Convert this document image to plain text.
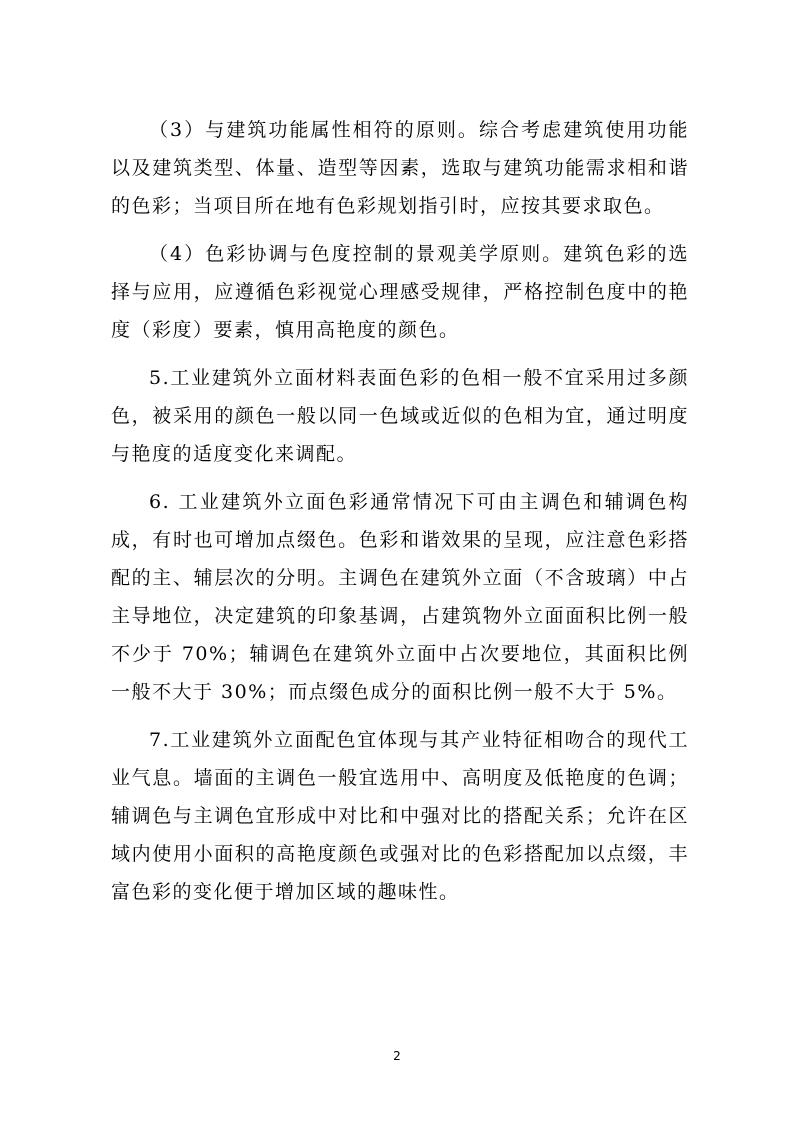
（3）与建筑功能属性相符的原则。综合考虑建筑使用功能以及建筑类型、体量、造型等因素，选取与建筑功能需求相和谐的色彩；当项目所在地有色彩规划指引时，应按其要求取色。

（4）色彩协调与色度控制的景观美学原则。建筑色彩的选择与应用，应遵循色彩视觉心理感受规律，严格控制色度中的艳度（彩度）要素，慎用高艳度的颜色。

5.工业建筑外立面材料表面色彩的色相一般不宜采用过多颜色，被采用的颜色一般以同一色域或近似的色相为宜，通过明度与艳度的适度变化来调配。

6. 工业建筑外立面色彩通常情况下可由主调色和辅调色构成，有时也可增加点缀色。色彩和谐效果的呈现，应注意色彩搭配的主、辅层次的分明。主调色在建筑外立面（不含玻璃）中占主导地位，决定建筑的印象基调，占建筑物外立面面积比例一般不少于 70%；辅调色在建筑外立面中占次要地位，其面积比例一般不大于 30%；而点缀色成分的面积比例一般不大于 5%。

7.工业建筑外立面配色宜体现与其产业特征相吻合的现代工业气息。墙面的主调色一般宜选用中、高明度及低艳度的色调；辅调色与主调色宜形成中对比和中强对比的搭配关系；允许在区域内使用小面积的高艳度颜色或强对比的色彩搭配加以点缀，丰富色彩的变化便于增加区域的趣味性。

2
